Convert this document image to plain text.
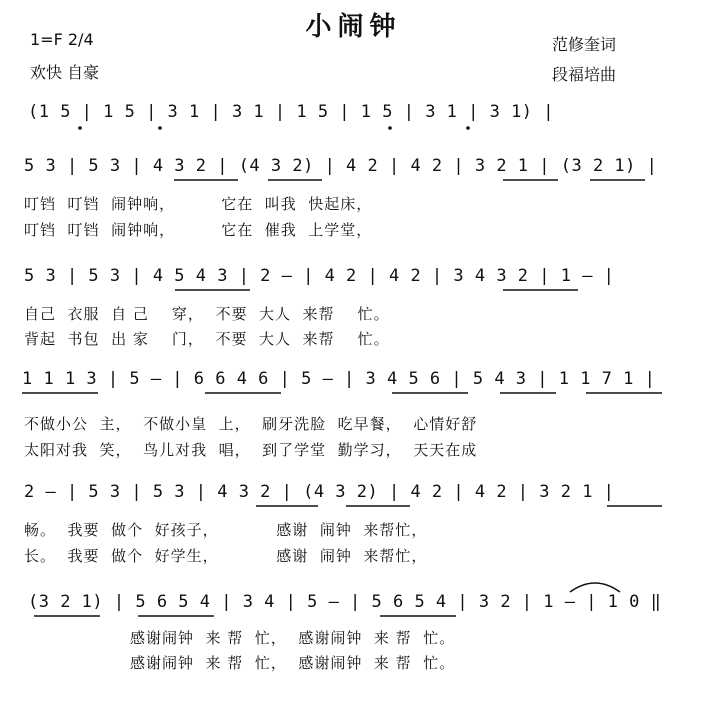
小闹钟
1=F 2/4
欢快 自豪
范修奎词
段福培曲
(1 5 | 1 5 | 3 1 | 3 1 | 1 5 | 1 5 | 3 1 | 3 1) |
5 3 | 5 3 | 4 3 2 | (4 3 2) | 4 2 | 4 2 | 3 2 1 | (3 2 1) |
叮铛  叮铛  闹钟响，        它在  叫我  快起床，
叮铛  叮铛  闹钟响，        它在  催我  上学堂，
5 3 | 5 3 | 4 5 4 3 | 2 — | 4 2 | 4 2 | 3 4 3 2 | 1 — |
自己  衣服  自 己    穿，  不要  大人  来帮    忙。
背起  书包  出 家    门，  不要  大人  来帮    忙。
1 1 1 3 | 5 — | 6 6 4 6 | 5 — | 3 4 5 6 | 5 4 3 | 1 1 7 1 |
不做小公  主，  不做小皇  上，  刷牙洗脸  吃早餐，  心情好舒
太阳对我  笑，  鸟儿对我  唱，  到了学堂  勤学习，  天天在成
2 — | 5 3 | 5 3 | 4 3 2 | (4 3 2) | 4 2 | 4 2 | 3 2 1 |
畅。  我要  做个  好孩子，          感谢  闹钟  来帮忙，
长。  我要  做个  好学生，          感谢  闹钟  来帮忙，
(3 2 1) | 5 6 5 4 | 3 4 | 5 — | 5 6 5 4 | 3 2 | 1 — | 1 0 ‖
感谢闹钟  来 帮  忙，  感谢闹钟  来 帮  忙。
感谢闹钟  来 帮  忙，  感谢闹钟  来 帮  忙。
